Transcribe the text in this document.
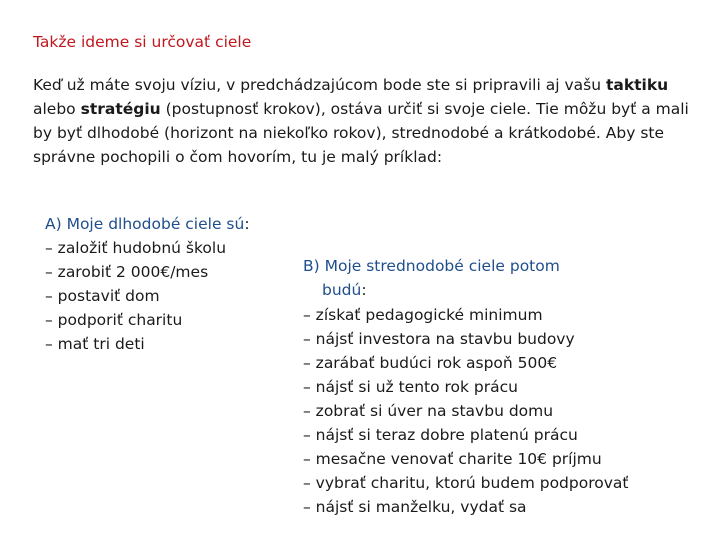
Takže ideme si určovať ciele
Keď už máte svoju víziu, v predchádzajúcom bode ste si pripravili aj vašu taktiku alebo stratégiu (postupnosť krokov), ostáva určiť si svoje ciele. Tie môžu byť a mali by byť dlhodobé (horizont na niekoľko rokov), strednodobé a krátkodobé. Aby ste správne pochopili o čom hovorím, tu je malý príklad:
A) Moje dlhodobé ciele sú:
– založiť hudobnú školu
– zarobiť 2 000€/mes
– postaviť dom
– podporiť charitu
– mať tri deti
B) Moje strednodobé ciele potom
budú:
– získať pedagogické minimum
– nájsť investora na stavbu budovy
– zarábať budúci rok aspoň 500€
– nájsť si už tento rok prácu
– zobrať si úver na stavbu domu
– nájsť si teraz dobre platenú prácu
– mesačne venovať charite 10€ príjmu
– vybrať charitu, ktorú budem podporovať
– nájsť si manželku, vydať sa
